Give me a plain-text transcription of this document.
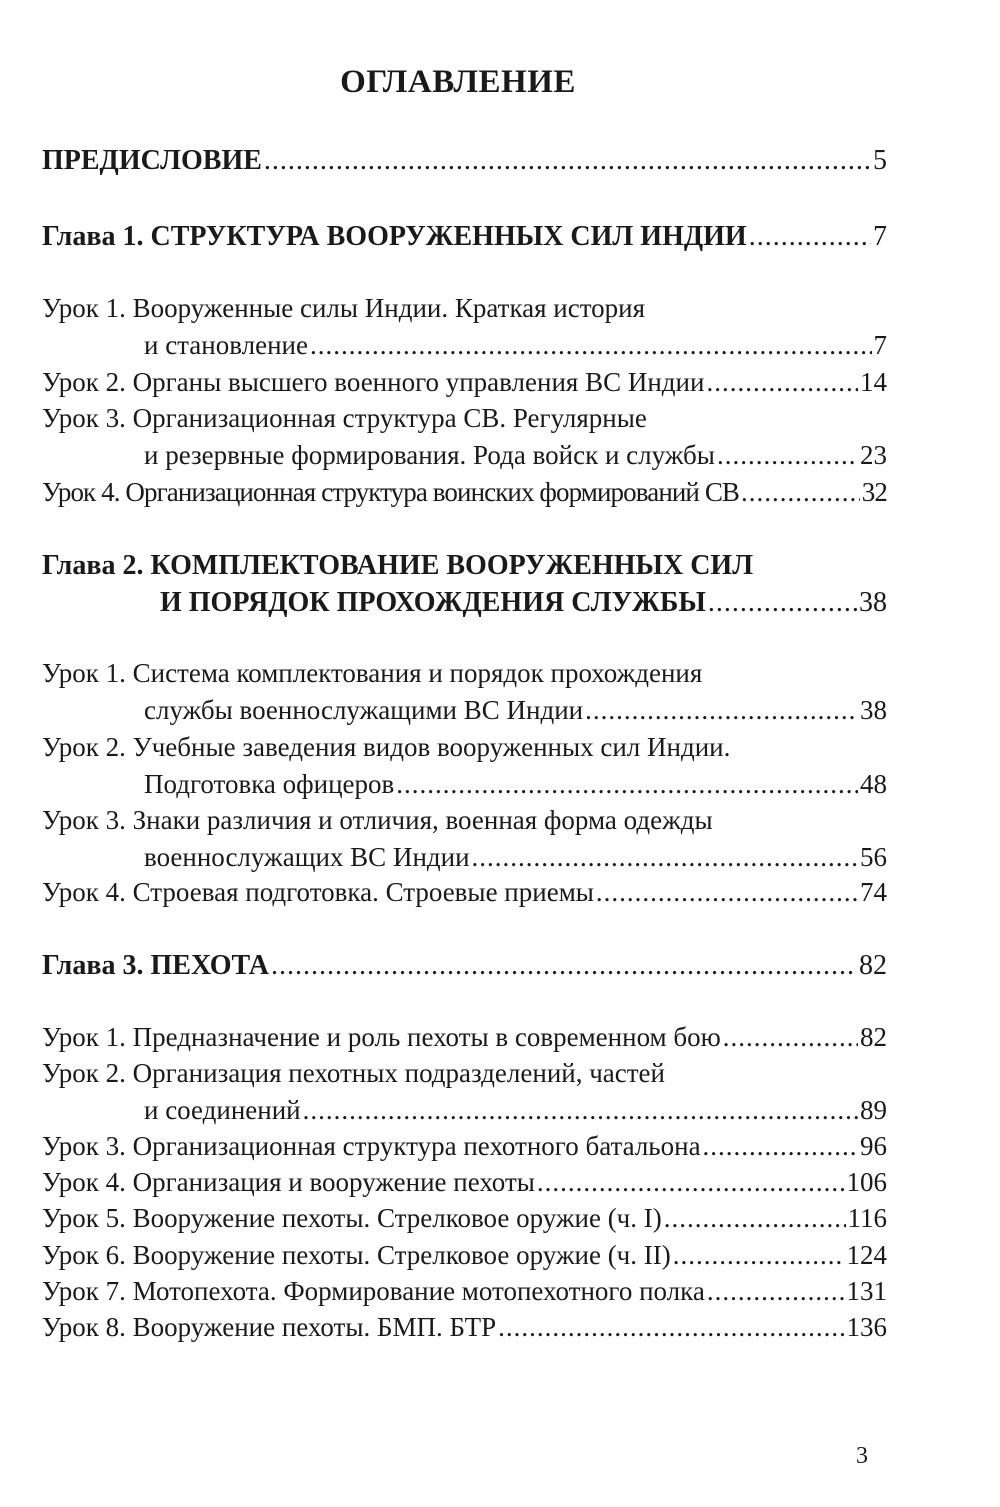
ОГЛАВЛЕНИЕ
ПРЕДИСЛОВИЕ .....	5
Глава 1. СТРУКТУРА ВООРУЖЕННЫХ СИЛ ИНДИИ .....	7
Урок 1. Вооруженные силы Индии. Краткая история
и становление .....	7
Урок 2. Органы высшего военного управления ВС Индии .....	14
Урок 3. Организационная структура СВ. Регулярные
и резервные формирования. Рода войск и службы .....	23
Урок 4. Организационная структура воинских формирований СВ .....	32
Глава 2. КОМПЛЕКТОВАНИЕ ВООРУЖЕННЫХ СИЛ
И ПОРЯДОК ПРОХОЖДЕНИЯ СЛУЖБЫ .....	38
Урок 1. Система комплектования и порядок прохождения
службы военнослужащими ВС Индии .....	38
Урок 2. Учебные заведения видов вооруженных сил Индии.
Подготовка офицеров .....	48
Урок 3. Знаки различия и отличия, военная форма одежды
военнослужащих ВС Индии .....	56
Урок 4. Строевая подготовка. Строевые приемы .....	74
Глава 3. ПЕХОТА .....	82
Урок 1. Предназначение и роль пехоты в современном бою .....	82
Урок 2. Организация пехотных подразделений, частей
и соединений .....	89
Урок 3. Организационная структура пехотного батальона .....	96
Урок 4. Организация и вооружение пехоты .....	106
Урок 5. Вооружение пехоты. Стрелковое оружие (ч. I) .....	116
Урок 6. Вооружение пехоты. Стрелковое оружие (ч. II) .....	124
Урок 7. Мотопехота. Формирование мотопехотного полка .....	131
Урок 8. Вооружение пехоты. БМП. БТР .....	136
3
